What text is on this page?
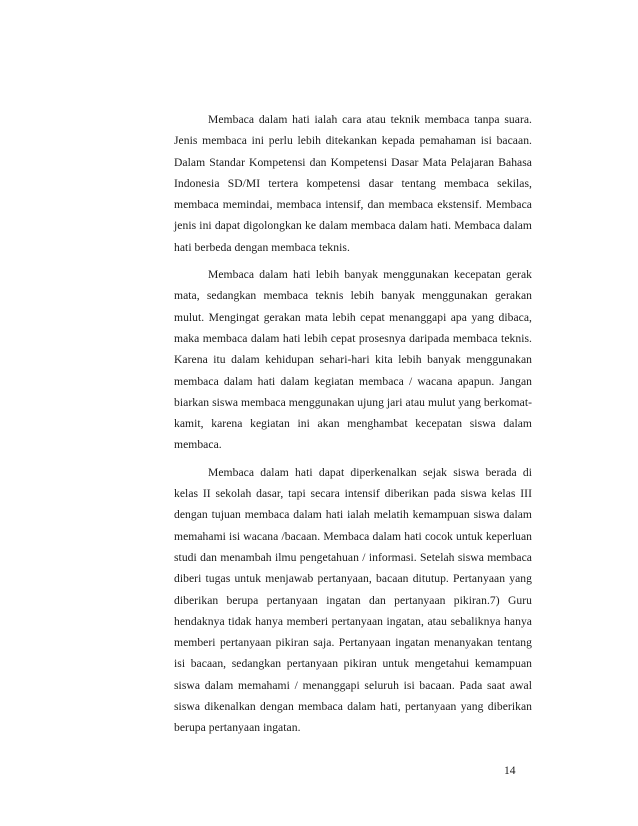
Membaca dalam hati ialah cara atau teknik membaca tanpa suara. Jenis membaca ini perlu lebih ditekankan kepada pemahaman isi bacaan. Dalam Standar Kompetensi dan Kompetensi Dasar Mata Pelajaran Bahasa Indonesia SD/MI tertera kompetensi dasar tentang membaca sekilas, membaca memindai, membaca intensif, dan membaca ekstensif. Membaca jenis ini dapat digolongkan ke dalam membaca dalam hati. Membaca dalam hati berbeda dengan membaca teknis.

Membaca dalam hati lebih banyak menggunakan kecepatan gerak mata, sedangkan membaca teknis lebih banyak menggunakan gerakan mulut. Mengingat gerakan mata lebih cepat menanggapi apa yang dibaca, maka membaca dalam hati lebih cepat prosesnya daripada membaca teknis. Karena itu dalam kehidupan sehari-hari kita lebih banyak menggunakan membaca dalam hati dalam kegiatan membaca / wacana apapun. Jangan biarkan siswa membaca menggunakan ujung jari atau mulut yang berkomat-kamit, karena kegiatan ini akan menghambat kecepatan siswa dalam membaca.

Membaca dalam hati dapat diperkenalkan sejak siswa berada di kelas II sekolah dasar, tapi secara intensif diberikan pada siswa kelas III dengan tujuan membaca dalam hati ialah melatih kemampuan siswa dalam memahami isi wacana /bacaan. Membaca dalam hati cocok untuk keperluan studi dan menambah ilmu pengetahuan / informasi. Setelah siswa membaca diberi tugas untuk menjawab pertanyaan, bacaan ditutup. Pertanyaan yang diberikan berupa pertanyaan ingatan dan pertanyaan pikiran.7) Guru hendaknya tidak hanya memberi pertanyaan ingatan, atau sebaliknya hanya memberi pertanyaan pikiran saja. Pertanyaan ingatan menanyakan tentang isi bacaan, sedangkan pertanyaan pikiran untuk mengetahui kemampuan siswa dalam memahami / menanggapi seluruh isi bacaan. Pada saat awal siswa dikenalkan dengan membaca dalam hati, pertanyaan yang diberikan berupa pertanyaan ingatan.

14
